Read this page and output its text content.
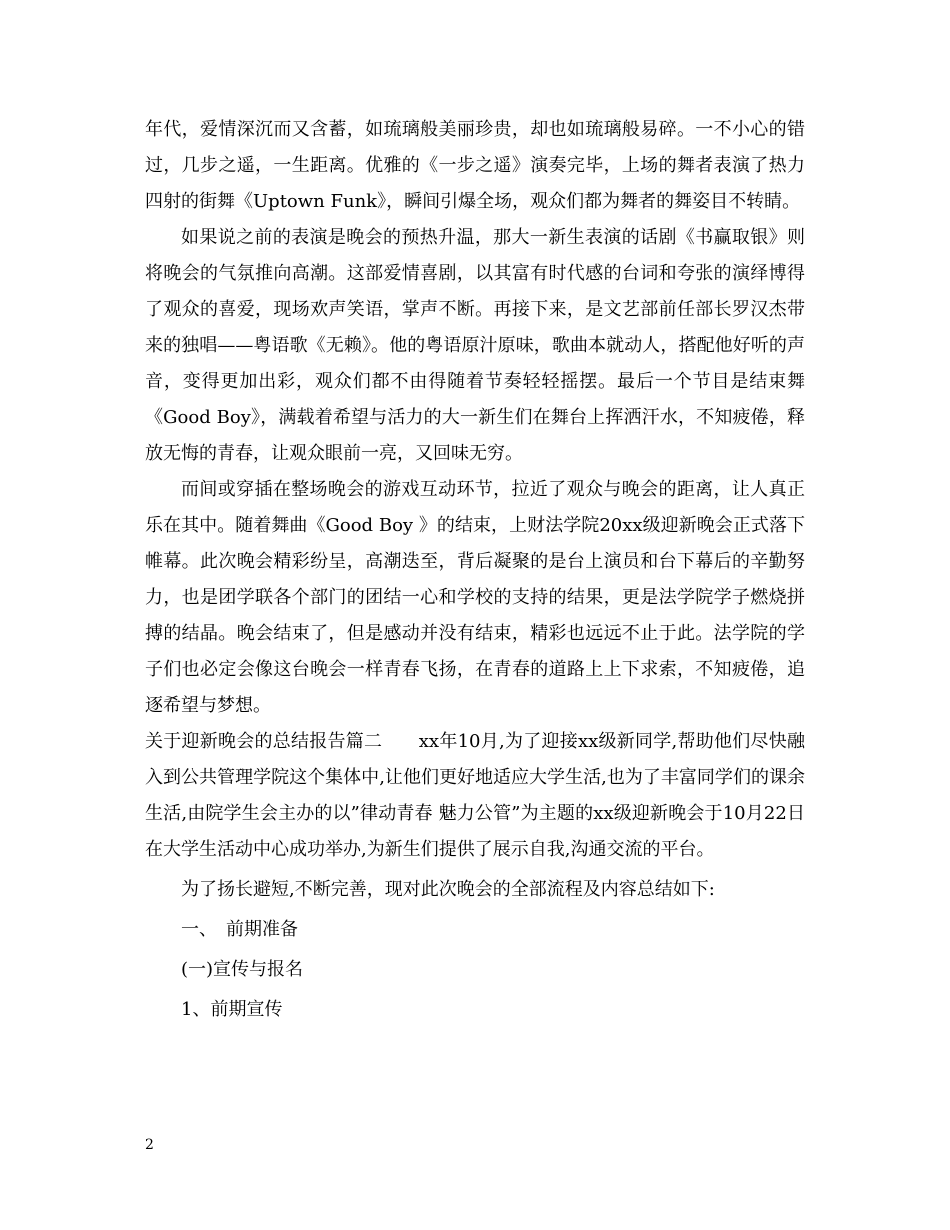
年代，爱情深沉而又含蓄，如琉璃般美丽珍贵，却也如琉璃般易碎。一不小心的错过，几步之遥，一生距离。优雅的《一步之遥》演奏完毕，上场的舞者表演了热力四射的街舞《Uptown Funk》，瞬间引爆全场，观众们都为舞者的舞姿目不转睛。

如果说之前的表演是晚会的预热升温，那大一新生表演的话剧《书赢取银》则将晚会的气氛推向高潮。这部爱情喜剧，以其富有时代感的台词和夸张的演绎博得了观众的喜爱，现场欢声笑语，掌声不断。再接下来，是文艺部前任部长罗汉杰带来的独唱——粤语歌《无赖》。他的粤语原汁原味，歌曲本就动人，搭配他好听的声音，变得更加出彩，观众们都不由得随着节奏轻轻摇摆。最后一个节目是结束舞《Good Boy》，满载着希望与活力的大一新生们在舞台上挥洒汗水，不知疲倦，释放无悔的青春，让观众眼前一亮，又回味无穷。

而间或穿插在整场晚会的游戏互动环节，拉近了观众与晚会的距离，让人真正乐在其中。随着舞曲《Good Boy 》的结束，上财法学院20xx级迎新晚会正式落下帷幕。此次晚会精彩纷呈，高潮迭至，背后凝聚的是台上演员和台下幕后的辛勤努力，也是团学联各个部门的团结一心和学校的支持的结果，更是法学院学子燃烧拼搏的结晶。晚会结束了，但是感动并没有结束，精彩也远远不止于此。法学院的学子们也必定会像这台晚会一样青春飞扬，在青春的道路上上下求索，不知疲倦，追逐希望与梦想。

关于迎新晚会的总结报告篇二　　xx年10月,为了迎接xx级新同学,帮助他们尽快融入到公共管理学院这个集体中,让他们更好地适应大学生活,也为了丰富同学们的课余生活,由院学生会主办的以”律动青春 魅力公管”为主题的xx级迎新晚会于10月22日在大学生活动中心成功举办,为新生们提供了展示自我,沟通交流的平台。

为了扬长避短,不断完善，现对此次晚会的全部流程及内容总结如下:

一、　前期准备

(一)宣传与报名

1、前期宣传

2
